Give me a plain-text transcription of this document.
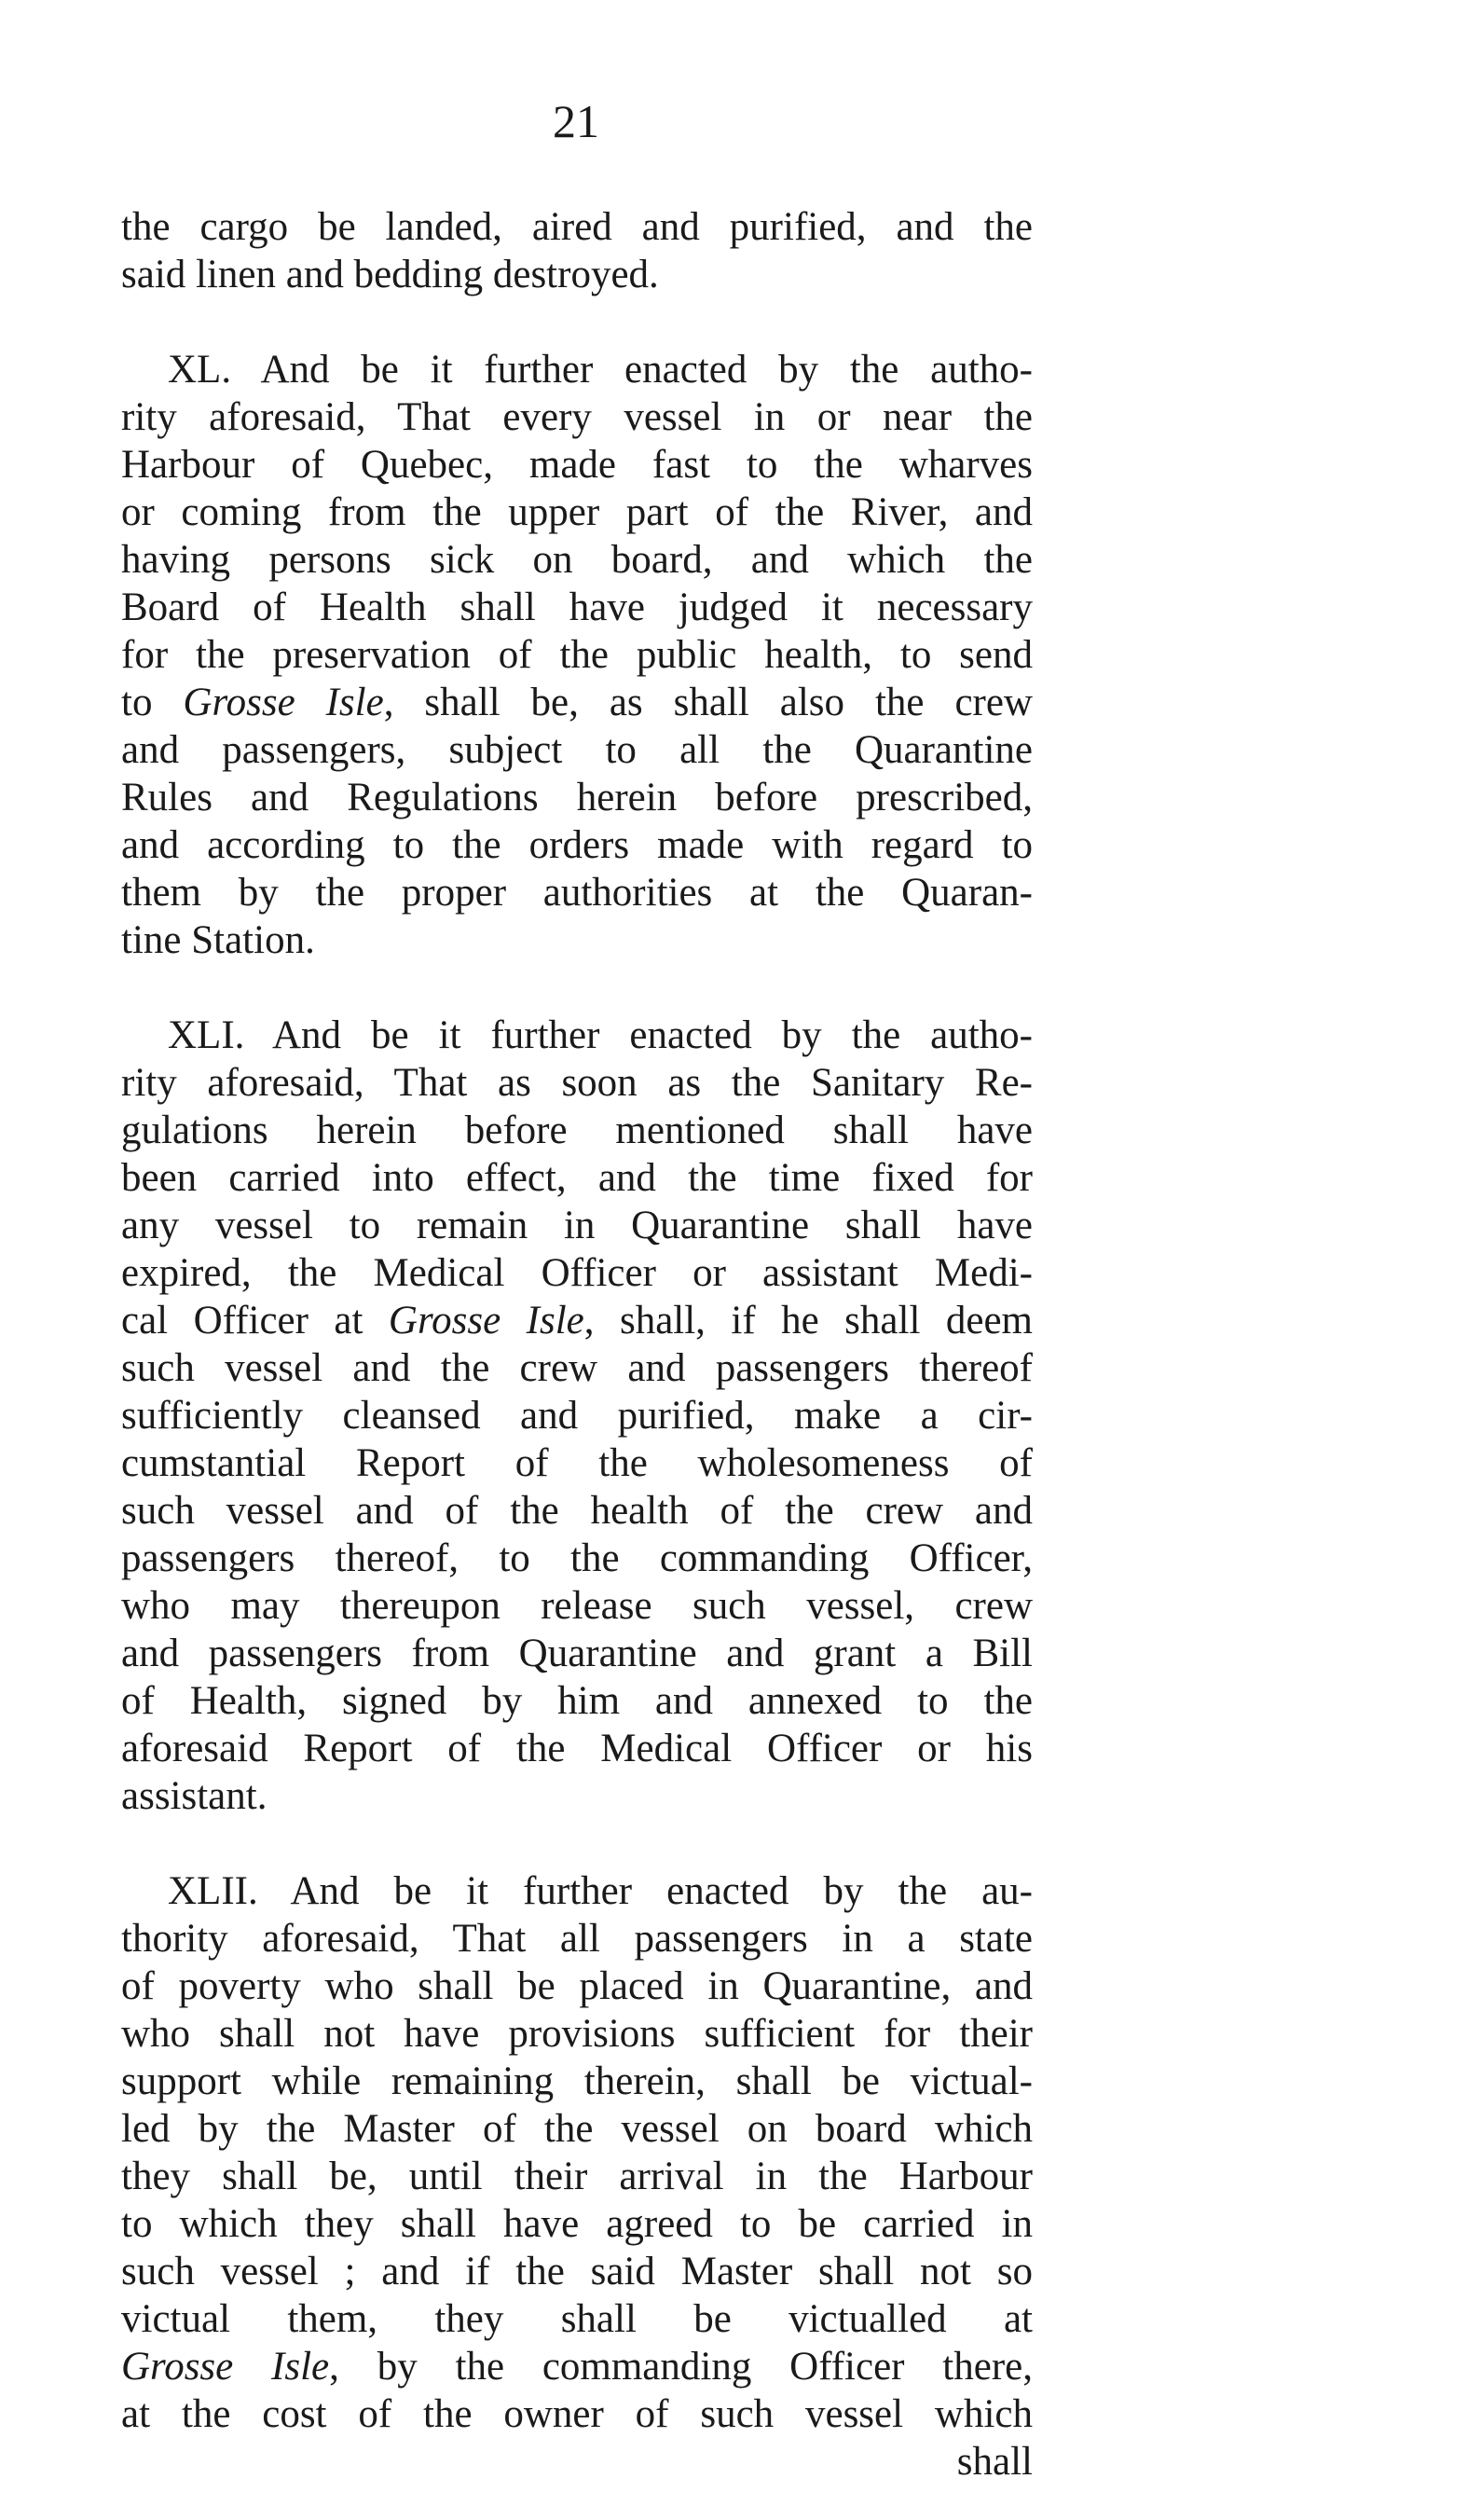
21
the cargo be landed, aired and purified, and the
said linen and bedding destroyed.
XL. And be it further enacted by the autho-
rity aforesaid, That every vessel in or near the
Harbour of Quebec, made fast to the wharves
or coming from the upper part of the River, and
having persons sick on board, and which the
Board of Health shall have judged it necessary
for the preservation of the public health, to send
to Grosse Isle, shall be, as shall also the crew
and passengers, subject to all the Quarantine
Rules and Regulations herein before prescribed,
and according to the orders made with regard to
them by the proper authorities at the Quaran-
tine Station.
XLI. And be it further enacted by the autho-
rity aforesaid, That as soon as the Sanitary Re-
gulations herein before mentioned shall have
been carried into effect, and the time fixed for
any vessel to remain in Quarantine shall have
expired, the Medical Officer or assistant Medi-
cal Officer at Grosse Isle, shall, if he shall deem
such vessel and the crew and passengers thereof
sufficiently cleansed and purified, make a cir-
cumstantial Report of the wholesomeness of
such vessel and of the health of the crew and
passengers thereof, to the commanding Officer,
who may thereupon release such vessel, crew
and passengers from Quarantine and grant a Bill
of Health, signed by him and annexed to the
aforesaid Report of the Medical Officer or his
assistant.
XLII. And be it further enacted by the au-
thority aforesaid, That all passengers in a state
of poverty who shall be placed in Quarantine, and
who shall not have provisions sufficient for their
support while remaining therein, shall be victual-
led by the Master of the vessel on board which
they shall be, until their arrival in the Harbour
to which they shall have agreed to be carried in
such vessel ; and if the said Master shall not so
victual them, they shall be victualled at
Grosse Isle, by the commanding Officer there,
at the cost of the owner of such vessel which
shall
